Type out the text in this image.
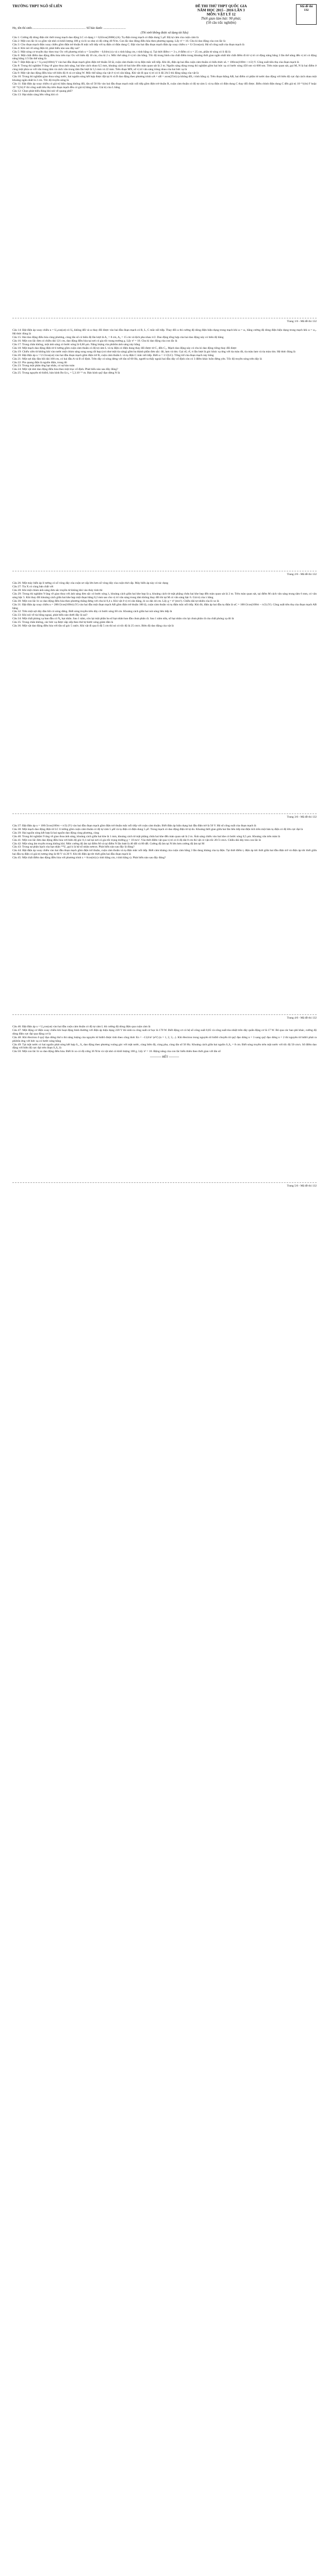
TRƯỜNG THPT NGÔ SĨ LIÊN	ĐỀ THI THỬ THPT QUỐC GIA
NĂM HỌC 2015 - 2016 LẦN 3
MÔN: VẬT LÝ 12
Thời gian làm bài: 90 phút;
(50 câu trắc nghiệm)
Mã đề thi
132
Họ, tên thí sinh:..................................................................... Số báo danh: .............................
(Thí sinh không được sử dụng tài liệu)

Câu 1: Cường độ dòng điện tức thời trong mạch dao động LC có dạng i = 0,02cos(2000t) (A). Tụ điện trong mạch có điện dung 5 μF. Độ tự cảm của cuộn cảm là

Câu 2: Một con lắc lò xo gồm vật nhỏ có khối lượng 100 g và lò xo nhẹ có độ cứng 40 N/m. Con lắc dao động điều hòa theo phương ngang. Lấy π² = 10. Chu kì dao động của con lắc là

Câu 3: Cho đoạn mạch điện xoay chiều gồm điện trở thuần R mắc nối tiếp với tụ điện có điện dung C. Đặt vào hai đầu đoạn mạch điện áp xoay chiều u = U√2cos(ωt). Hệ số công suất của đoạn mạch là

Câu 4: Khi nói về sóng điện từ, phát biểu nào sau đây sai?

Câu 5: Một sóng cơ truyền dọc theo trục Ox với phương trình u = 5cos(8πt − 0,04πx) (u và x tính bằng cm, t tính bằng s). Tại thời điểm t = 3 s, ở điểm có x = 25 cm, phần tử sóng có li độ là

Câu 6: Một chất điểm dao động điều hòa trên trục Ox với biên độ 10 cm, chu kì 2 s. Mốc thế năng ở vị trí cân bằng. Tốc độ trung bình của chất điểm trong khoảng thời gian ngắn nhất khi chất điểm đi từ vị trí có động năng bằng 3 lần thế năng đến vị trí có động năng bằng 1/3 lần thế năng là

Câu 7: Đặt điện áp u = U₀cos(100πt) V vào hai đầu đoạn mạch gồm điện trở thuần 50 Ω, cuộn cảm thuần và tụ điện mắc nối tiếp. Khi đó, điện áp hai đầu cuộn cảm thuần có biểu thức uL = 100cos(100πt + π/2) V. Công suất tiêu thụ của đoạn mạch là

Câu 8: Trong thí nghiệm Y-âng về giao thoa ánh sáng, hai khe cách nhau 0,5 mm, khoảng cách từ hai khe đến màn quan sát là 2 m. Nguồn sáng dùng trong thí nghiệm gồm hai bức xạ có bước sóng 450 nm và 600 nm. Trên màn quan sát, gọi M, N là hai điểm ở cùng một phía so với vân trung tâm và cách vân trung tâm lần lượt là 5,5 mm và 22 mm. Trên đoạn MN, số vị trí vân sáng trùng nhau của hai bức xạ là

Câu 9: Một vật dao động điều hòa với biên độ A và cơ năng W. Mốc thế năng của vật ở vị trí cân bằng. Khi vật đi qua vị trí có li độ 2A/3 thì động năng của vật là

Câu 10: Trong thí nghiệm giao thoa sóng nước, hai nguồn sóng kết hợp được đặt tại A và B dao động theo phương trình uA = uB = acos(25πt) (a không đổi, t tính bằng s). Trên đoạn thẳng AB, hai điểm có phần tử nước dao động với biên độ cực đại cách nhau một khoảng ngắn nhất là 2 cm. Tốc độ truyền sóng là

Câu 11: Đặt điện áp xoay chiều có giá trị hiệu dụng không đổi, tần số 50 Hz vào hai đầu đoạn mạch mắc nối tiếp gồm điện trở thuần R, cuộn cảm thuần có độ tự cảm L và tụ điện có điện dung C thay đổi được. Điều chỉnh điện dung C đến giá trị 10⁻⁴/(4π) F hoặc 10⁻⁴/(2π) F thì công suất tiêu thụ trên đoạn mạch đều có giá trị bằng nhau. Giá trị của L bằng

Câu 12: Chọn phát biểu đúng khi nói về quang phổ?

Câu 13: Hạt nhân càng bền vững khi có

Trang 1/6 - Mã đề thi 132

Câu 14: Đặt điện áp xoay chiều u = U₀cos(ωt) có U₀ không đổi và ω thay đổi được vào hai đầu đoạn mạch có R, L, C mắc nối tiếp. Thay đổi ω thì cường độ dòng điện hiệu dụng trong mạch khi ω = ω₁ bằng cường độ dòng điện hiệu dụng trong mạch khi ω = ω₂. Hệ thức đúng là

Câu 15: Hai dao động điều hòa cùng phương, cùng tần số có biên độ lần lượt là A₁ = 8 cm, A₂ = 15 cm và lệch pha nhau π/2. Dao động tổng hợp của hai dao động này có biên độ bằng

Câu 16: Một con lắc đơn có chiều dài 121 cm, dao động điều hòa tại nơi có gia tốc trọng trường g. Lấy π² = 10. Chu kì dao động của con lắc là

Câu 17: Trong chân không, một ánh sáng có bước sóng là 0,60 μm. Năng lượng của phôtôn ánh sáng này bằng

Câu 18: Một mạch dao động điện từ lí tưởng gồm cuộn cảm thuần có độ tự cảm L và tụ điện có điện dung thay đổi được từ C₁ đến C₂. Mạch dao động này có chu kì dao động riêng thay đổi được

Câu 19: Chiếu xiên từ không khí vào nước một chùm sáng song song rất hẹp (coi như một tia sáng) gồm ba thành phần đơn sắc: đỏ, lam và tím. Gọi rđ, rℓ, rt lần lượt là góc khúc xạ ứng với tia màu đỏ, tia màu lam và tia màu tím. Hệ thức đúng là

Câu 20: Đặt điện áp u = U√2cos(ωt) vào hai đầu đoạn mạch gồm điện trở R, cuộn cảm thuần L và tụ điện C mắc nối tiếp. Biết ω = 1/√(LC). Tổng trở của đoạn mạch này bằng

Câu 21: Một sợi dây đàn hồi dài 100 cm, có hai đầu A và B cố định. Trên dây có sóng dừng với tần số 60 Hz, người ta thấy ngoài hai đầu dây cố định còn có 3 điểm khác luôn đứng yên. Tốc độ truyền sóng trên dây là

Câu 22: Pin quang điện là nguồn điện, trong đó

Câu 23: Trong một phản ứng hạt nhân, có sự bảo toàn

Câu 24: Một vật nhỏ dao động điều hòa theo một trục cố định. Phát biểu nào sau đây đúng?

Câu 25: Trong nguyên tử hiđrô, bán kính Bo là r₀ = 5,3.10⁻¹¹ m. Bán kính quỹ đạo dừng N là

Trang 2/6 - Mã đề thi 132

Câu 26: Một máy biến áp lí tưởng có số vòng dây của cuộn sơ cấp lớn hơn số vòng dây của cuộn thứ cấp. Máy biến áp này có tác dụng

Câu 27: Tia X có cùng bản chất với

Câu 28: Khi một chùm ánh sáng đơn sắc truyền từ không khí vào thủy tinh thì

Câu 29: Trong thí nghiệm Y-âng về giao thoa với ánh sáng đơn sắc có bước sóng λ, khoảng cách giữa hai khe hẹp là a, khoảng cách từ mặt phẳng chứa hai khe hẹp đến màn quan sát là 2 m. Trên màn quan sát, tại điểm M cách vân sáng trung tâm 6 mm, có vân sáng bậc 5. Khi thay đổi khoảng cách giữa hai khe hẹp một đoạn bằng 0,2 mm sao cho vị trí vân sáng trung tâm không thay đổi thì tại M có vân sáng bậc 6. Giá trị của λ bằng

Câu 30: Một con lắc lò xo dao động điều hòa theo phương thẳng đứng với chu kì 0,4 s. Khi vật ở vị trí cân bằng, lò xo dài 44 cm. Lấy g = π² (m/s²). Chiều dài tự nhiên của lò xo là

Câu 31: Đặt điện áp xoay chiều u = 200√2cos(100πt) (V) vào hai đầu một đoạn mạch AB gồm điện trở thuần 100 Ω, cuộn cảm thuần và tụ điện mắc nối tiếp. Khi đó, điện áp hai đầu tụ điện là uC = 100√2cos(100πt − π/2) (V). Công suất tiêu thụ của đoạn mạch AB bằng

Câu 32: Trên một sợi dây đàn hồi có sóng dừng. Biết sóng truyền trên dây có bước sóng 60 cm. Khoảng cách giữa hai nút sóng liên tiếp là

Câu 33: Khi nói về tia hồng ngoại, phát biểu nào dưới đây là sai?

Câu 34: Một chất phóng xạ ban đầu có N₀ hạt nhân. Sau 1 năm, còn lại một phần ba số hạt nhân ban đầu chưa phân rã. Sau 1 năm nữa, số hạt nhân còn lại chưa phân rã của chất phóng xạ đó là

Câu 35: Trong chân không, các bức xạ được sắp xếp theo thứ tự bước sóng giảm dần là

Câu 36: Một vật dao động điều hòa với tần số góc 5 rad/s. Khi vật đi qua li độ 5 cm thì nó có tốc độ là 25 cm/s. Biên độ dao động của vật là

Trang 3/6 - Mã đề thi 132

Câu 37: Đặt điện áp u = 100√2cos(100πt + π/3) (V) vào hai đầu đoạn mạch gồm điện trở thuần mắc nối tiếp với cuộn cảm thuần. Biết điện áp hiệu dụng hai đầu điện trở là 50 V. Hệ số công suất của đoạn mạch là

Câu 38: Một mạch dao động điện từ LC lí tưởng gồm cuộn cảm thuần có độ tự cảm 5 μH và tụ điện có điện dung 5 μF. Trong mạch có dao động điện từ tự do. Khoảng thời gian giữa hai lần liên tiếp mà điện tích trên một bản tụ điện có độ lớn cực đại là

Câu 39: Hai nguồn sóng kết hợp là hai nguồn dao động cùng phương, cùng

Câu 40: Trong thí nghiệm Y-âng về giao thoa ánh sáng, khoảng cách giữa hai khe là 1 mm, khoảng cách từ mặt phẳng chứa hai khe đến màn quan sát là 2 m. Ánh sáng chiếu vào hai khe có bước sóng 0,5 μm. Khoảng vân trên màn là

Câu 41: Một con lắc đơn dao động điều hòa với biên độ góc 0,1 rad tại nơi có gia tốc trọng trường g = 10 m/s². Vào thời điểm vật qua vị trí có li độ dài 8 cm thì vật có vận tốc 20√3 cm/s. Chiều dài dây treo con lắc là

Câu 42: Một sóng âm truyền trong không khí. Mức cường độ âm tại điểm M và tại điểm N lần lượt là 40 dB và 80 dB. Cường độ âm tại N lớn hơn cường độ âm tại M

Câu 43: Trong sự phân hạch của hạt nhân ²³⁵U, gọi k là hệ số nhân nơtron. Phát biểu nào sau đây là đúng?

Câu 44: Đặt điện áp xoay chiều vào hai đầu đoạn mạch gồm điện trở thuần, cuộn cảm thuần và tụ điện mắc nối tiếp. Biết cảm kháng của cuộn cảm bằng 3 lần dung kháng của tụ điện. Tại thời điểm t, điện áp tức thời giữa hai đầu điện trở và điện áp tức thời giữa hai đầu tụ điện có giá trị tương ứng là 60 V và 20 V. Khi đó điện áp tức thời giữa hai đầu đoạn mạch là

Câu 45: Một chất điểm dao động điều hòa với phương trình x = 6cos(πt) (x tính bằng cm, t tính bằng s). Phát biểu nào sau đây đúng?

Trang 4/6 - Mã đề thi 132

Câu 46: Đặt điện áp u = U₀cos(ωt) vào hai đầu cuộn cảm thuần có độ tự cảm L thì cường độ dòng điện qua cuộn cảm là

Câu 47: Một động cơ điện xoay chiều khi hoạt động bình thường với điện áp hiệu dụng 220 V thì sinh ra công suất cơ học là 170 W. Biết động cơ có hệ số công suất 0,85 và công suất tỏa nhiệt trên dây quấn động cơ là 17 W. Bỏ qua các hao phí khác, cường độ dòng điện cực đại qua động cơ là

Câu 48: Khi êlectron ở quỹ đạo dừng thứ n thì năng lượng của nguyên tử hiđrô được tính theo công thức En = −13,6/n² (eV) (n = 1, 2, 3,...). Khi êlectron trong nguyên tử hiđrô chuyển từ quỹ đạo dừng n = 3 sang quỹ đạo dừng n = 2 thì nguyên tử hiđrô phát ra phôtôn ứng với bức xạ có bước sóng bằng

Câu 49: Tại mặt nước có hai nguồn phát sóng kết hợp S₁, S₂ dao động theo phương vuông góc với mặt nước, cùng biên độ, cùng pha, cùng tần số 50 Hz. Khoảng cách giữa hai nguồn S₁S₂ = 8 cm. Biết sóng truyền trên mặt nước với tốc độ 50 cm/s. Số điểm dao động với biên độ cực đại trên đoạn S₁S₂ là

Câu 50: Một con lắc lò xo dao động điều hòa. Biết lò xo có độ cứng 36 N/m và vật nhỏ có khối lượng 100 g. Lấy π² = 10. Động năng của con lắc biến thiên theo thời gian với tần số

----------- HẾT ----------
Trang 5/6 - Mã đề thi 132
